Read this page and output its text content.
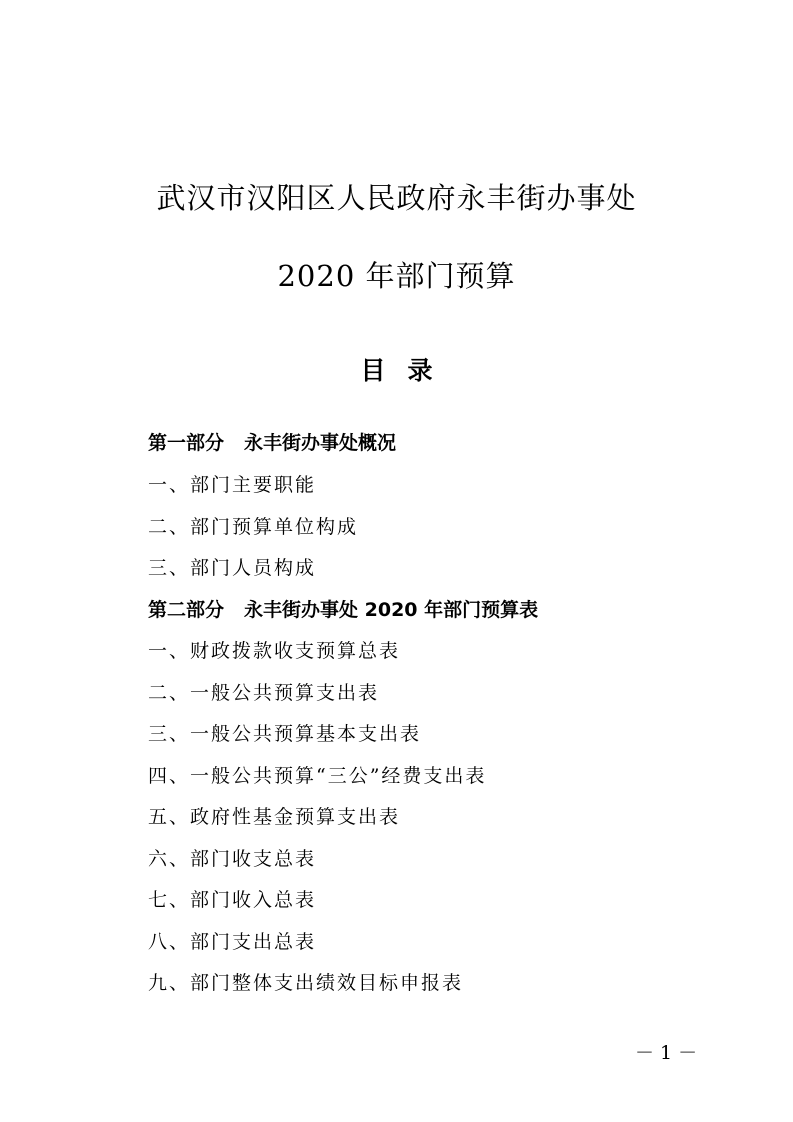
武汉市汉阳区人民政府永丰街办事处
2020 年部门预算
目录
第一部分 永丰街办事处概况
一、部门主要职能
二、部门预算单位构成
三、部门人员构成
第二部分 永丰街办事处 2020 年部门预算表
一、财政拨款收支预算总表
二、一般公共预算支出表
三、一般公共预算基本支出表
四、一般公共预算“三公”经费支出表
五、政府性基金预算支出表
六、部门收支总表
七、部门收入总表
八、部门支出总表
九、部门整体支出绩效目标申报表
－1－
